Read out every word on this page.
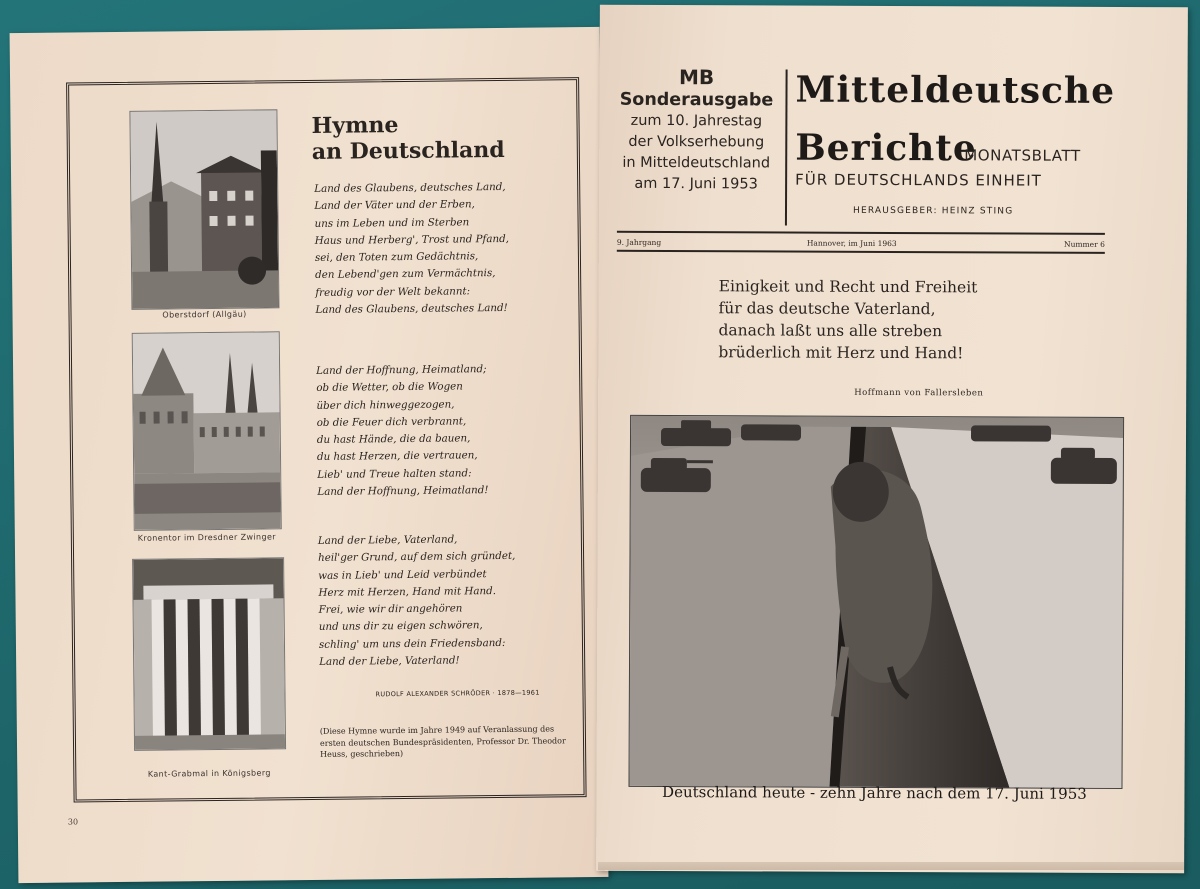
Oberstdorf (Allgäu)
Kronentor im Dresdner Zwinger
Kant-Grabmal in Königsberg
Hymne
an Deutschland
Land des Glaubens, deutsches Land,
Land der Väter und der Erben,
uns im Leben und im Sterben
Haus und Herberg', Trost und Pfand,
sei, den Toten zum Gedächtnis,
den Lebend'gen zum Vermächtnis,
freudig vor der Welt bekannt:
Land des Glaubens, deutsches Land!
Land der Hoffnung, Heimatland;
ob die Wetter, ob die Wogen
über dich hinweggezogen,
ob die Feuer dich verbrannt,
du hast Hände, die da bauen,
du hast Herzen, die vertrauen,
Lieb' und Treue halten stand:
Land der Hoffnung, Heimatland!
Land der Liebe, Vaterland,
heil'ger Grund, auf dem sich gründet,
was in Lieb' und Leid verbündet
Herz mit Herzen, Hand mit Hand.
Frei, wie wir dir angehören
und uns dir zu eigen schwören,
schling' um uns dein Friedensband:
Land der Liebe, Vaterland!
RUDOLF ALEXANDER SCHRÖDER · 1878—1961
(Diese Hymne wurde im Jahre 1949 auf Veranlassung des ersten deutschen Bundespräsidenten, Professor Dr. Theodor Heuss, geschrieben)
30
MB
Sonderausgabe
zum 10. Jahrestag
der Volkserhebung
in Mitteldeutschland
am 17. Juni 1953
Mitteldeutsche
Berichte
MONATSBLATT
FÜR DEUTSCHLANDS EINHEIT
HERAUSGEBER: HEINZ STING
9. Jahrgang	Hannover, im Juni 1963	Nummer 6
Einigkeit und Recht und Freiheit
für das deutsche Vaterland,
danach laßt uns alle streben
brüderlich mit Herz und Hand!
Hoffmann von Fallersleben
Deutschland heute - zehn Jahre nach dem 17. Juni 1953
